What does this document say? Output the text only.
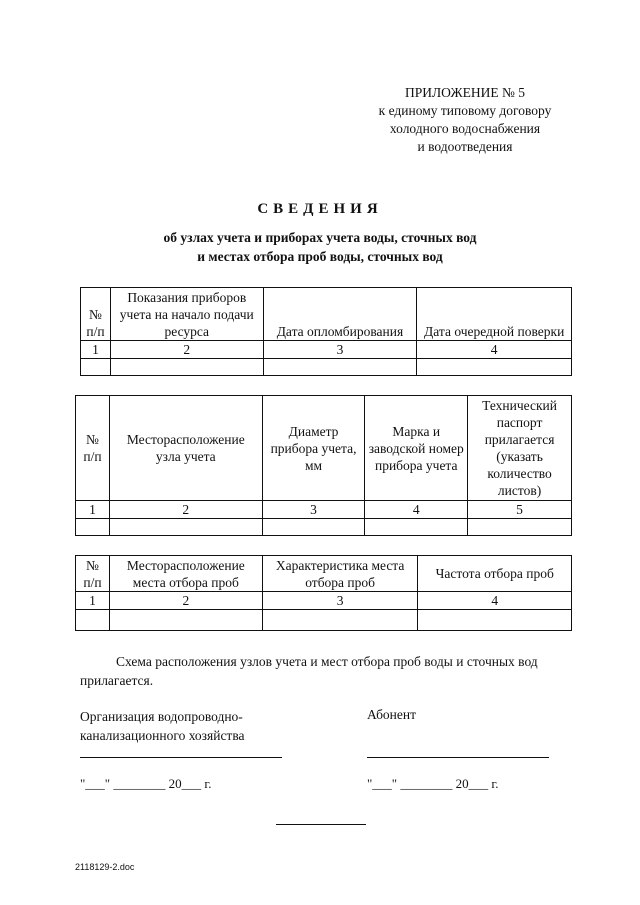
ПРИЛОЖЕНИЕ № 5
к единому типовому договору
холодного водоснабжения
и водоотведения
СВЕДЕНИЯ
об узлах учета и приборах учета воды, сточных вод
и местах отбора проб воды, сточных вод
№ п/п	Показания приборов учета на начало подачи ресурса	Дата опломбирования	Дата очередной поверки
1	2	3	4

№ п/п	Месторасположение узла учета	Диаметр прибора учета, мм	Марка и заводской номер прибора учета	Технический паспорт прилагается (указать количество листов)
1	2	3	4	5

№ п/п	Месторасположение места отбора проб	Характеристика места отбора проб	Частота отбора проб
1	2	3	4

Схема расположения узлов учета и мест отбора проб воды и сточных вод прилагается.
Организация водопроводно-канализационного хозяйства
Абонент
"___" ________ 20___ г.	"___" ________ 20___ г.
2118129-2.doc
